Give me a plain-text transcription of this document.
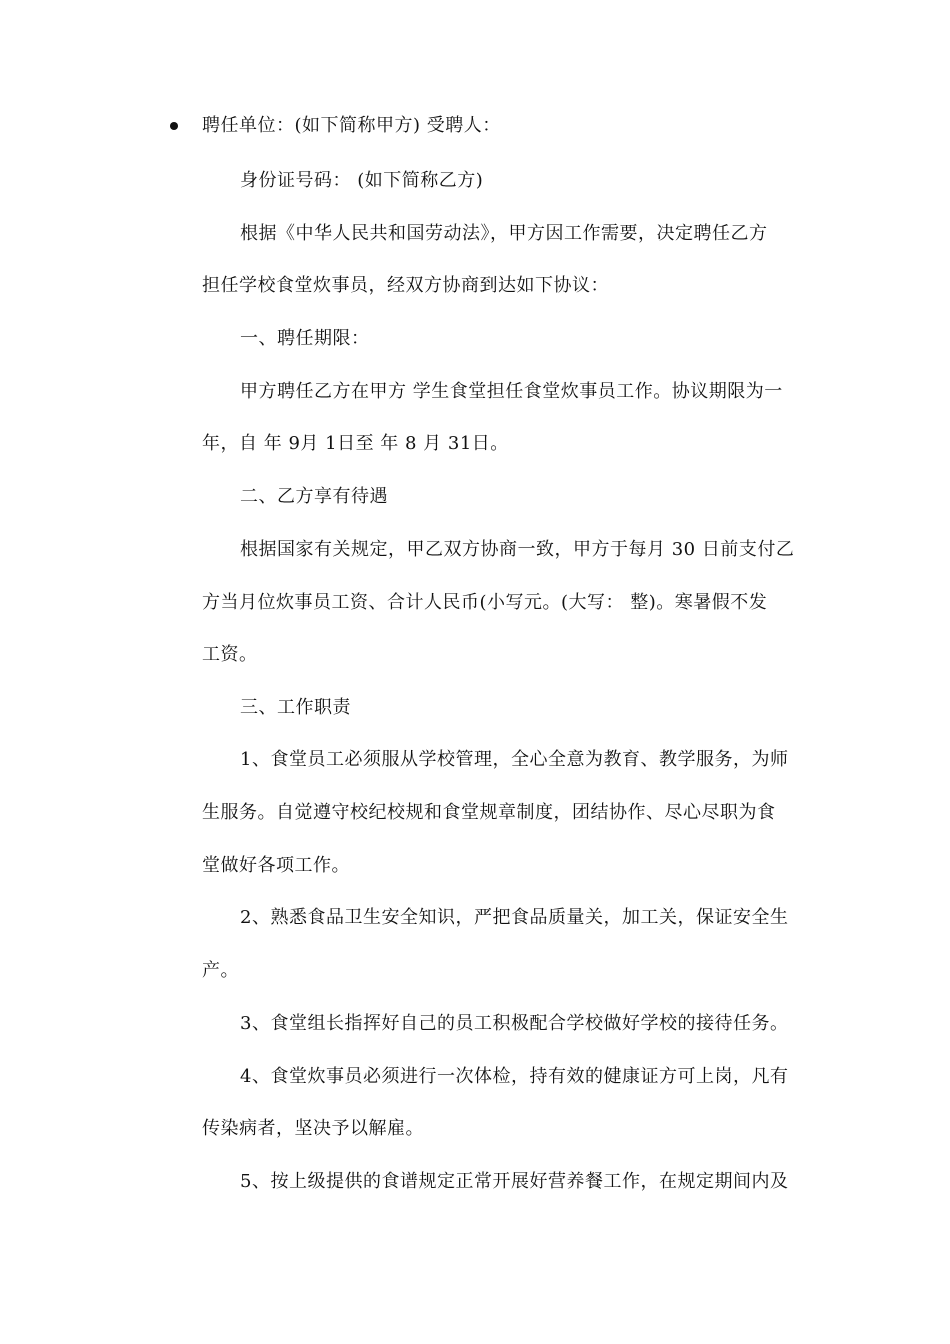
聘任单位：(如下简称甲方) 受聘人：
身份证号码： (如下简称乙方)
根据《中华人民共和国劳动法》，甲方因工作需要，决定聘任乙方
担任学校食堂炊事员，经双方协商到达如下协议：
一、聘任期限：
甲方聘任乙方在甲方 学生食堂担任食堂炊事员工作。协议期限为一
年，自 年 9月 1日至 年 8 月 31日。
二、乙方享有待遇
根据国家有关规定，甲乙双方协商一致，甲方于每月 30 日前支付乙
方当月位炊事员工资、合计人民币(小写元。(大写： 整)。寒暑假不发
工资。
三、工作职责
1、食堂员工必须服从学校管理，全心全意为教育、教学服务，为师
生服务。自觉遵守校纪校规和食堂规章制度，团结协作、尽心尽职为食
堂做好各项工作。
2、熟悉食品卫生安全知识，严把食品质量关，加工关，保证安全生
产。
3、食堂组长指挥好自己的员工积极配合学校做好学校的接待任务。
4、食堂炊事员必须进行一次体检，持有效的健康证方可上岗，凡有
传染病者，坚决予以解雇。
5、按上级提供的食谱规定正常开展好营养餐工作，在规定期间内及
